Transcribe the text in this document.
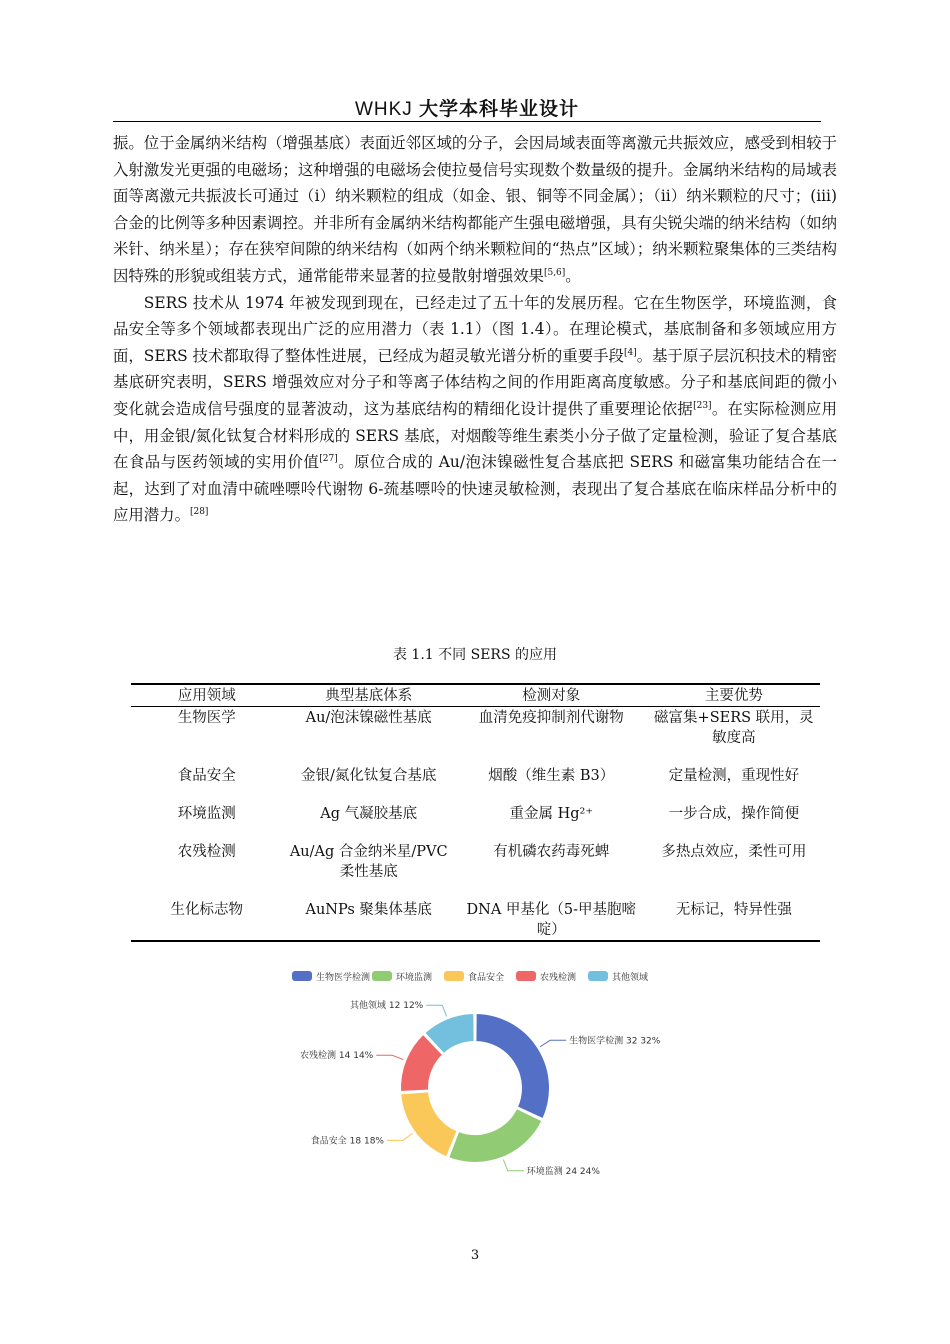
WHKJ 大学本科毕业设计

振。位于金属纳米结构（增强基底）表面近邻区域的分子，会因局域表面等离激元共振效应，感受到相较于入射激发光更强的电磁场；这种增强的电磁场会使拉曼信号实现数个数量级的提升。金属纳米结构的局域表面等离激元共振波长可通过（i）纳米颗粒的组成（如金、银、铜等不同金属）；（ii）纳米颗粒的尺寸；(iii)合金的比例等多种因素调控。并非所有金属纳米结构都能产生强电磁增强，具有尖锐尖端的纳米结构（如纳米针、纳米星）；存在狭窄间隙的纳米结构（如两个纳米颗粒间的“热点”区域）；纳米颗粒聚集体的三类结构因特殊的形貌或组装方式，通常能带来显著的拉曼散射增强效果[5,6]。

SERS 技术从 1974 年被发现到现在，已经走过了五十年的发展历程。它在生物医学，环境监测，食品安全等多个领域都表现出广泛的应用潜力（表 1.1）（图 1.4）。在理论模式，基底制备和多领域应用方面，SERS 技术都取得了整体性进展，已经成为超灵敏光谱分析的重要手段[4]。基于原子层沉积技术的精密基底研究表明，SERS 增强效应对分子和等离子体结构之间的作用距离高度敏感。分子和基底间距的微小变化就会造成信号强度的显著波动，这为基底结构的精细化设计提供了重要理论依据[23]。在实际检测应用中，用金银/氮化钛复合材料形成的 SERS 基底，对烟酸等维生素类小分子做了定量检测，验证了复合基底在食品与医药领域的实用价值[27]。原位合成的 Au/泡沫镍磁性复合基底把 SERS 和磁富集功能结合在一起，达到了对血清中硫唑嘌呤代谢物 6-巯基嘌呤的快速灵敏检测，表现出了复合基底在临床样品分析中的应用潜力。[28]

表 1.1 不同 SERS 的应用
应用领域	典型基底体系	检测对象	主要优势
生物医学	Au/泡沫镍磁性基底	血清免疫抑制剂代谢物	磁富集+SERS 联用，灵敏度高
食品安全	金银/氮化钛复合基底	烟酸（维生素 B3）	定量检测，重现性好
环境监测	Ag 气凝胶基底	重金属 Hg²⁺	一步合成，操作简便
农残检测	Au/Ag 合金纳米星/PVC 柔性基底	有机磷农药毒死蜱	多热点效应，柔性可用
生化标志物	AuNPs 聚集体基底	DNA 甲基化（5-甲基胞嘧啶）	无标记，特异性强
生物医学检测	环境监测	食品安全	农残检测	其他领域
生物医学检测 32 32%
环境监测 24 24%
食品安全 18 18%
农残检测 14 14%
其他领域 12 12%
3
